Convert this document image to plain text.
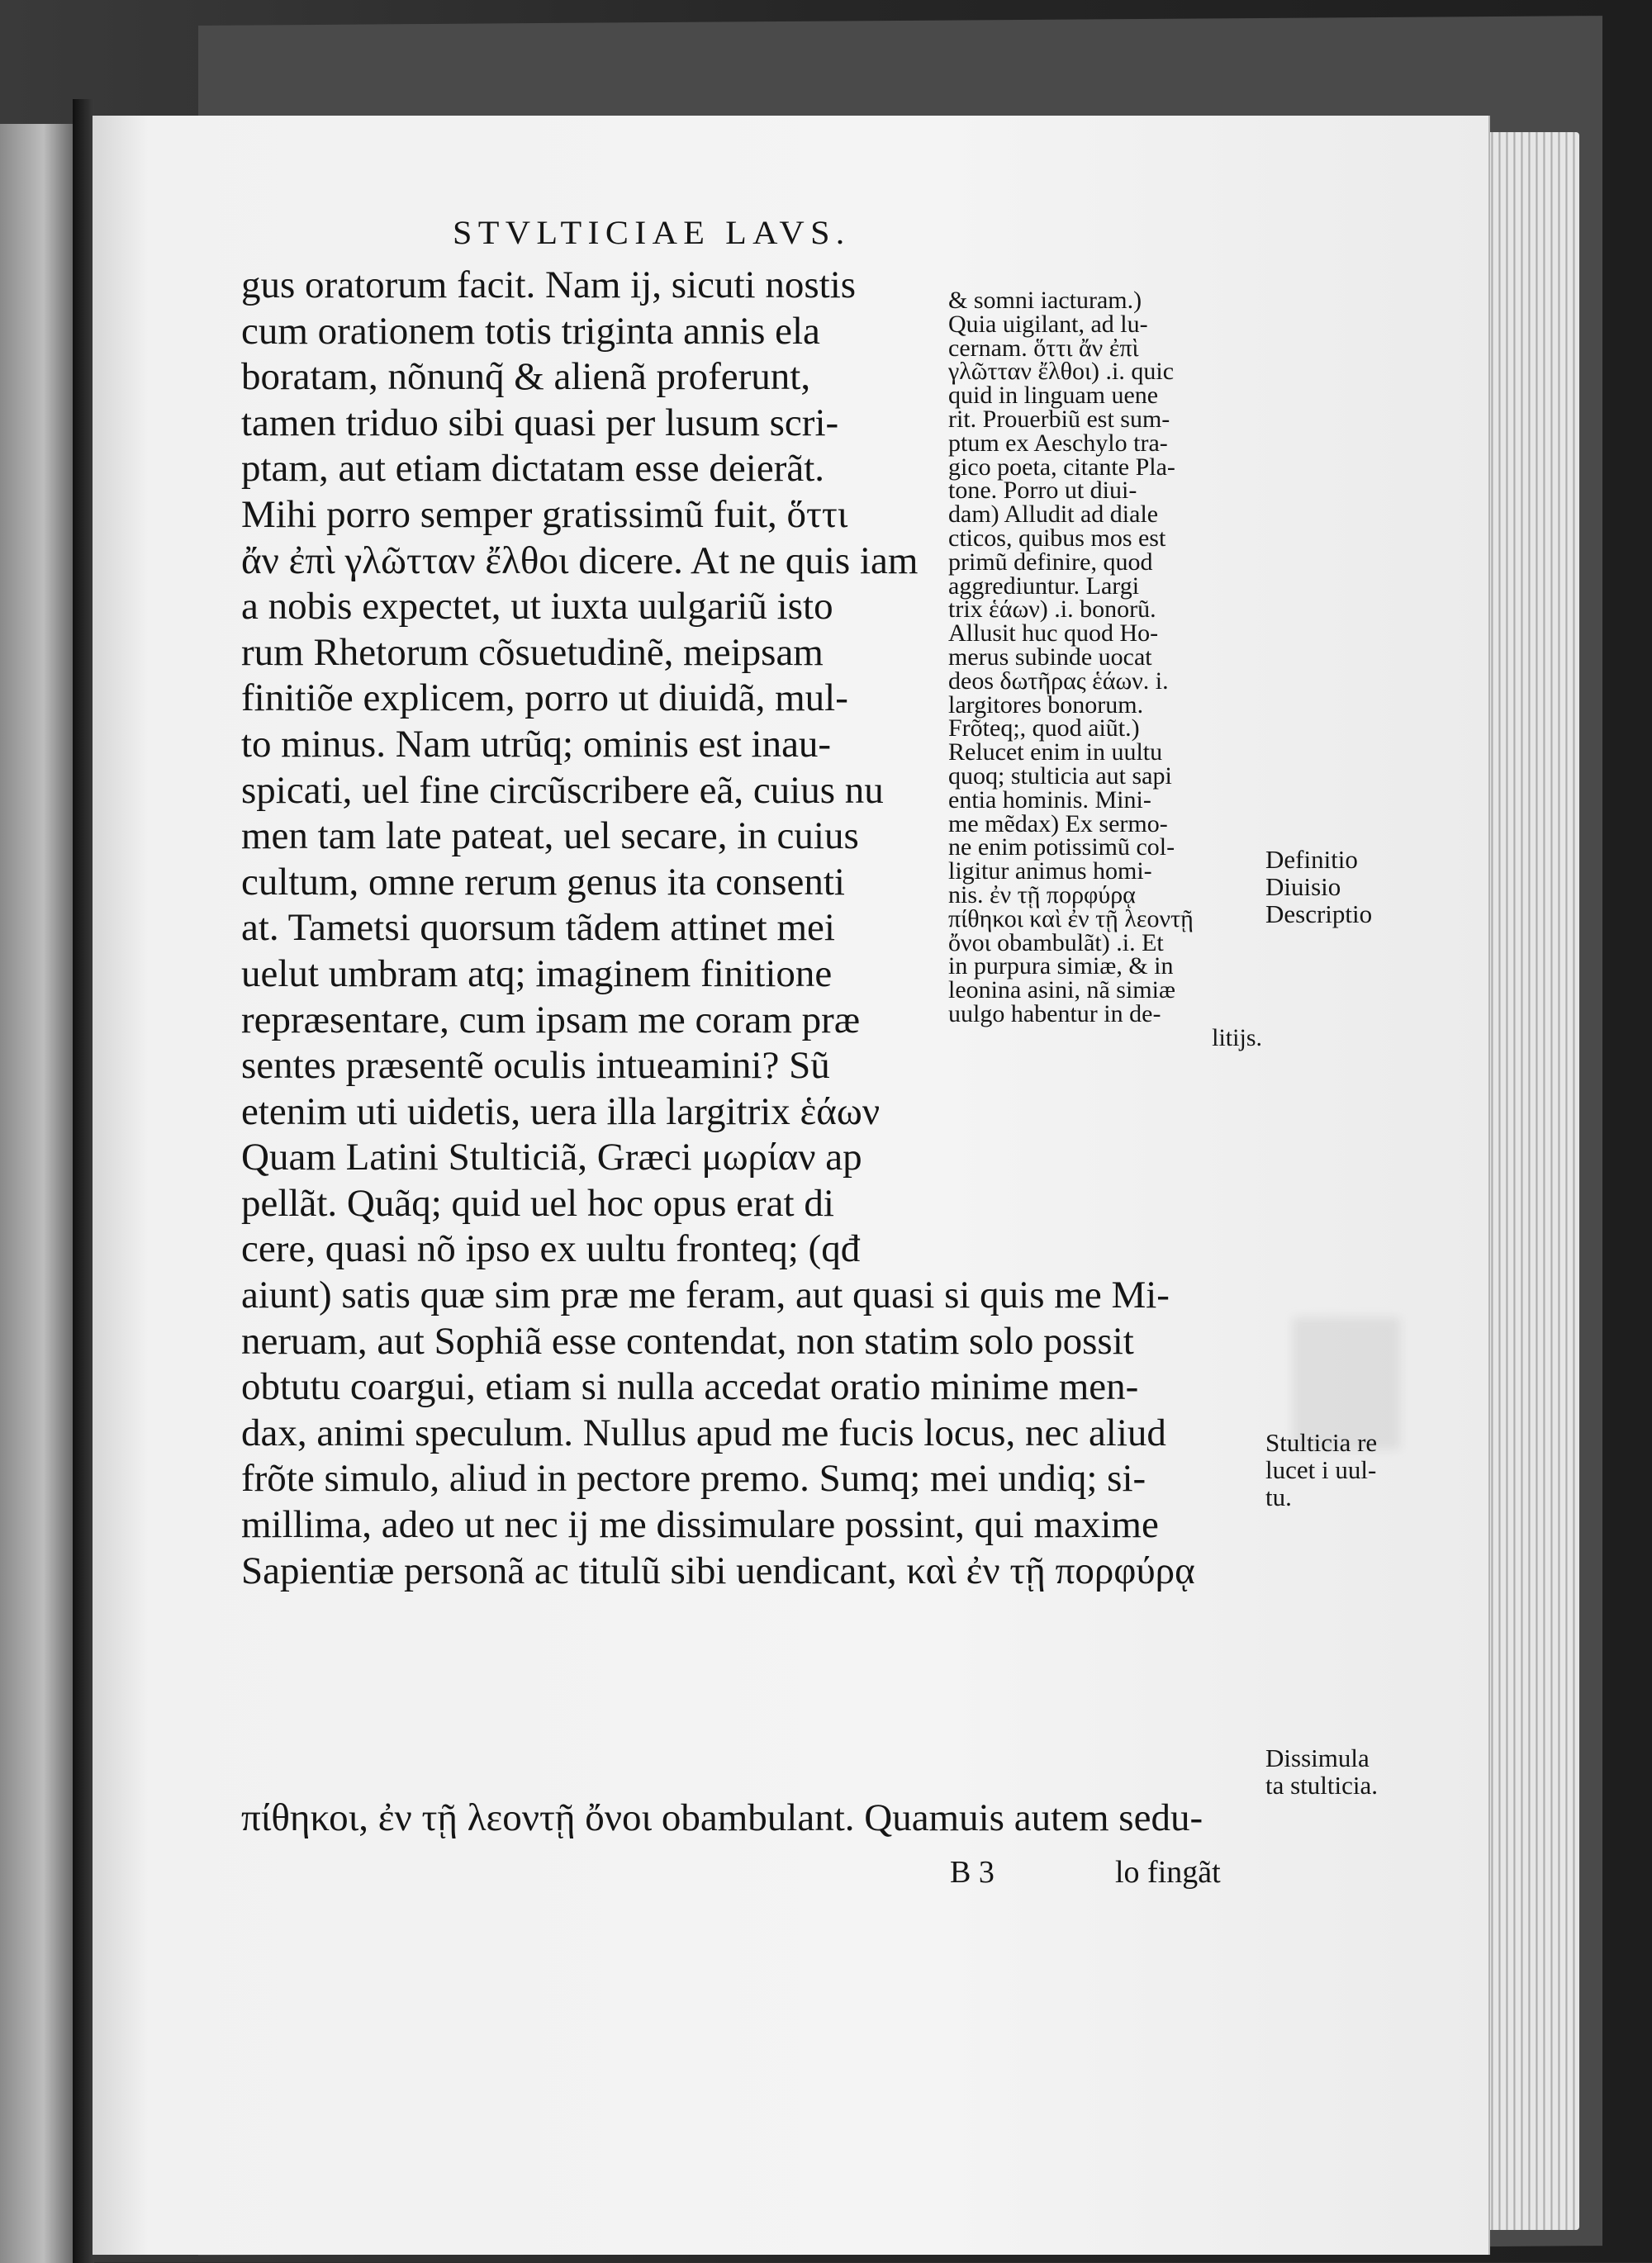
STVLTICIAE LAVS.
gus oratorum facit. Nam ij, sicuti nostis
cum orationem totis triginta annis ela
boratam, nõnunq̃ & alienã proferunt,
tamen triduo sibi quasi per lusum scri-
ptam, aut etiam dictatam esse deierãt.
Mihi porro semper gratissimũ fuit, ὅττι
ἄν ἐπὶ γλῶτταν ἔλθοι dicere. At ne quis iam
a nobis expectet, ut iuxta uulgariũ isto
rum Rhetorum cõsuetudinẽ, meipsam
finitiõe explicem, porro ut diuidã, mul-
to minus. Nam utrũq; ominis est inau-
spicati, uel fine circũscribere eã, cuius nu
men tam late pateat, uel secare, in cuius
cultum, omne rerum genus ita consenti
at. Tametsi quorsum tãdem attinet mei
uelut umbram atq; imaginem finitione
repræsentare, cum ipsam me coram præ
sentes præsentẽ oculis intueamini? Sũ
etenim uti uidetis, uera illa largitrix ἑάων
Quam Latini Stulticiã, Græci μωρίαν ap
pellãt. Quãq; quid uel hoc opus erat di
cere, quasi nõ ipso ex uultu fronteq; (qđ
aiunt) satis quæ sim præ me feram, aut quasi si quis me Mi-
neruam, aut Sophiã esse contendat, non statim solo possit
obtutu coargui, etiam si nulla accedat oratio minime men-
dax, animi speculum. Nullus apud me fucis locus, nec aliud
frõte simulo, aliud in pectore premo. Sumq; mei undiq; si-
millima, adeo ut nec ij me dissimulare possint, qui maxime
Sapientiæ personã ac titulũ sibi uendicant, καὶ ἐν τῇ πορφύρᾳ
πίθηκοι, ἐν τῇ λεοντῇ ὄνοι obambulant. Quamuis autem sedu-
& somni iacturam.)
Quia uigilant, ad lu-
cernam. ὅττι ἄν ἐπὶ
γλῶτταν ἔλθοι) .i. quic
quid in linguam uene
rit. Prouerbiũ est sum-
ptum ex Aeschylo tra-
gico poeta, citante Pla-
tone. Porro ut diui-
dam) Alludit ad diale
cticos, quibus mos est
primũ definire, quod
aggrediuntur. Largi
trix ἑάων) .i. bonorũ.
Allusit huc quod Ho-
merus subinde uocat
deos δωτῆρας ἑάων. i.
largitores bonorum.
Frõteq;, quod aiũt.)
Relucet enim in uultu
quoq; stulticia aut sapi
entia hominis. Mini-
me mẽdax) Ex sermo-
ne enim potissimũ col-
ligitur animus homi-
nis. ἐν τῇ πορφύρᾳ
πίθηκοι καὶ ἐν τῇ λεοντῇ
ὄνοι obambulãt) .i. Et
in purpura simiæ, & in
leonina asini, nã simiæ
uulgo habentur in de-
litijs.
Definitio
Diuisio
Descriptio
Stulticia re
lucet i uul-
tu.
Dissimula
ta stulticia.
B 3	lo fingãt
